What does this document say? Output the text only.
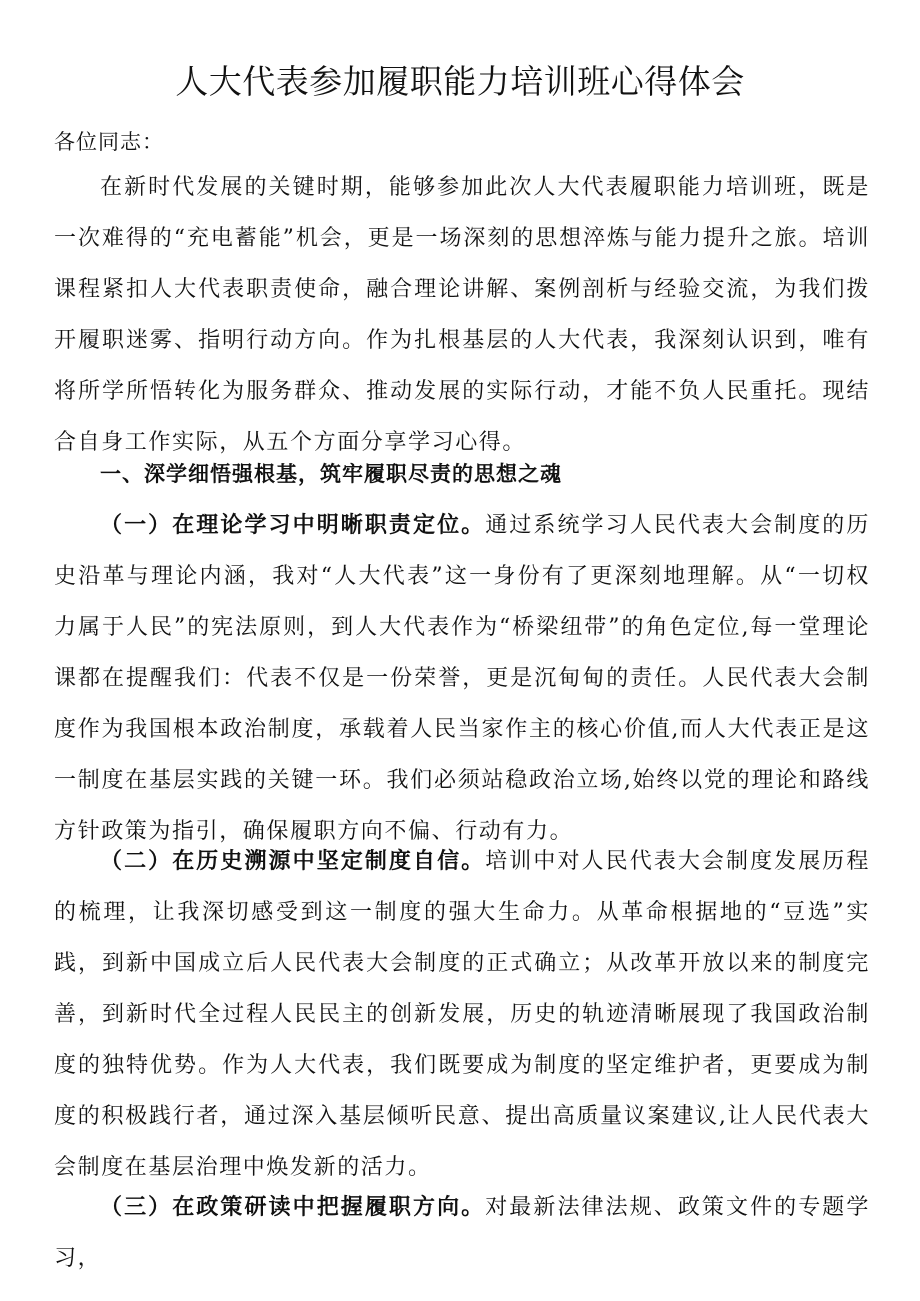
人大代表参加履职能力培训班心得体会
各位同志：

在新时代发展的关键时期，能够参加此次人大代表履职能力培训班，既是一次难得的“充电蓄能”机会，更是一场深刻的思想淬炼与能力提升之旅。培训课程紧扣人大代表职责使命，融合理论讲解、案例剖析与经验交流，为我们拨开履职迷雾、指明行动方向。作为扎根基层的人大代表，我深刻认识到，唯有将所学所悟转化为服务群众、推动发展的实际行动，才能不负人民重托。现结合自身工作实际，从五个方面分享学习心得。

一、深学细悟强根基，筑牢履职尽责的思想之魂

（一）在理论学习中明晰职责定位。通过系统学习人民代表大会制度的历史沿革与理论内涵，我对“人大代表”这一身份有了更深刻地理解。从“一切权力属于人民”的宪法原则，到人大代表作为“桥梁纽带”的角色定位,每一堂理论课都在提醒我们：代表不仅是一份荣誉，更是沉甸甸的责任。人民代表大会制度作为我国根本政治制度，承载着人民当家作主的核心价值,而人大代表正是这一制度在基层实践的关键一环。我们必须站稳政治立场,始终以党的理论和路线方针政策为指引，确保履职方向不偏、行动有力。

（二）在历史溯源中坚定制度自信。培训中对人民代表大会制度发展历程的梳理，让我深切感受到这一制度的强大生命力。从革命根据地的“豆选”实践，到新中国成立后人民代表大会制度的正式确立；从改革开放以来的制度完善，到新时代全过程人民民主的创新发展，历史的轨迹清晰展现了我国政治制度的独特优势。作为人大代表，我们既要成为制度的坚定维护者，更要成为制度的积极践行者，通过深入基层倾听民意、提出高质量议案建议,让人民代表大会制度在基层治理中焕发新的活力。

（三）在政策研读中把握履职方向。对最新法律法规、政策文件的专题学习，
